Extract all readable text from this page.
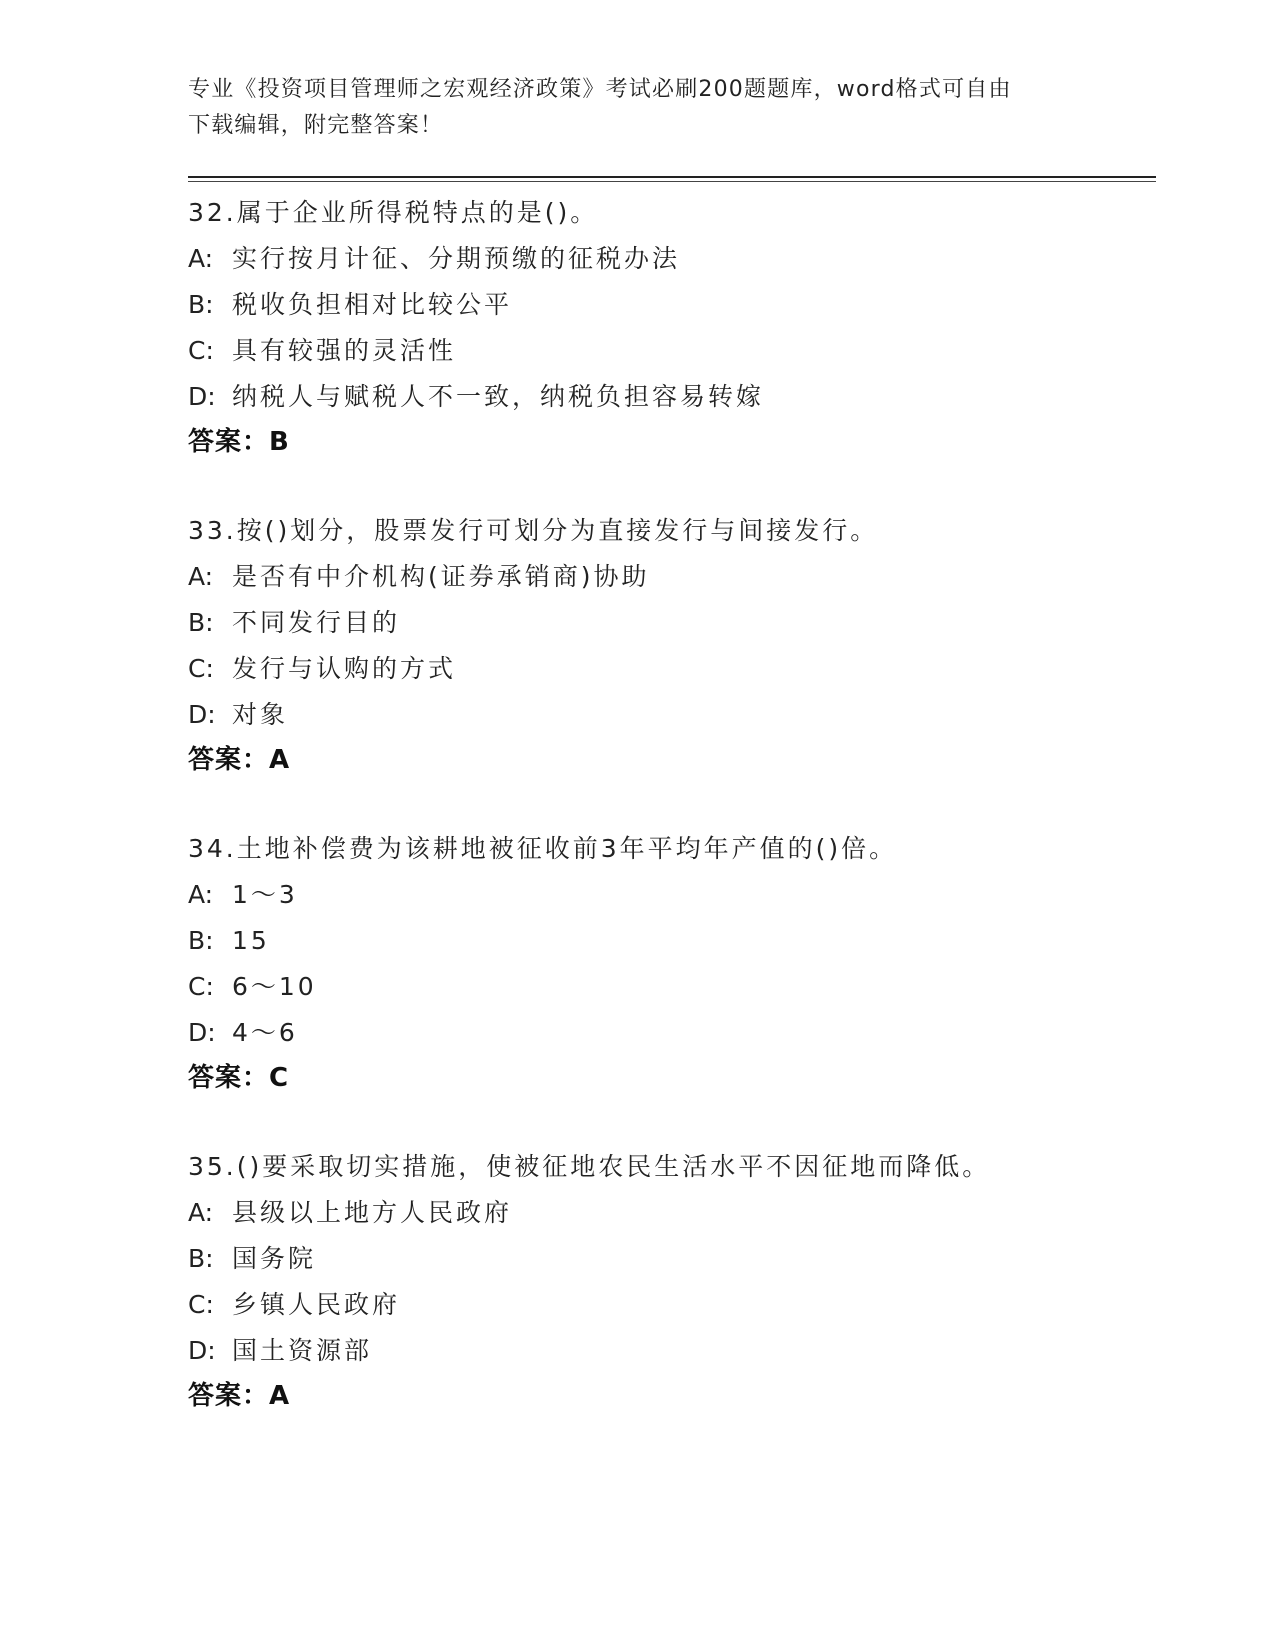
专业《投资项目管理师之宏观经济政策》考试必刷200题题库，word格式可自由
下载编辑，附完整答案！
32.属于企业所得税特点的是()。
A: 实行按月计征、分期预缴的征税办法
B: 税收负担相对比较公平
C: 具有较强的灵活性
D: 纳税人与赋税人不一致，纳税负担容易转嫁
答案：B
33.按()划分，股票发行可划分为直接发行与间接发行。
A: 是否有中介机构(证券承销商)协助
B: 不同发行目的
C: 发行与认购的方式
D: 对象
答案：A
34.土地补偿费为该耕地被征收前3年平均年产值的()倍。
A: 1～3
B: 15
C: 6～10
D: 4～6
答案：C
35.()要采取切实措施，使被征地农民生活水平不因征地而降低。
A: 县级以上地方人民政府
B: 国务院
C: 乡镇人民政府
D: 国土资源部
答案：A
